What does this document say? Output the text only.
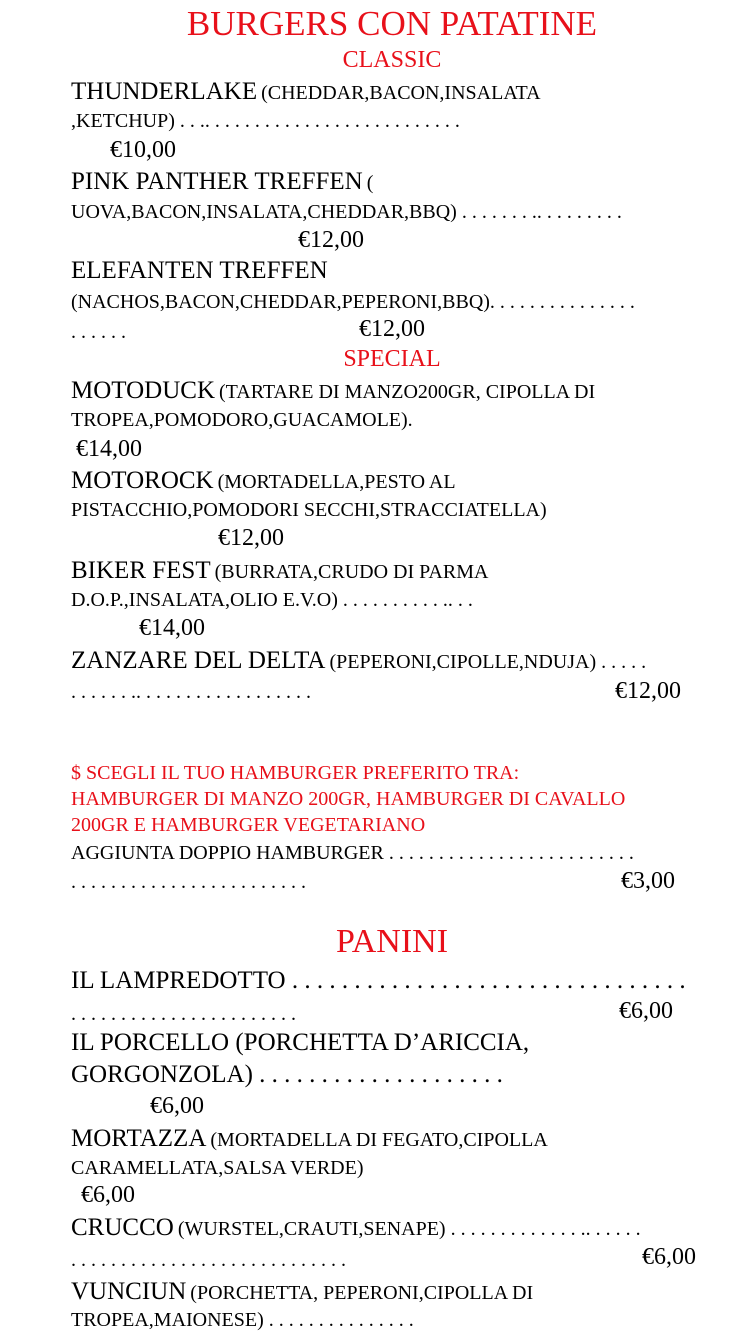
BURGERS CON PATATINE
CLASSIC
THUNDERLAKE (CHEDDAR,BACON,INSALATA
,KETCHUP) . . .. . . . . . . . . . . . . . . . . . . . . . . . . .
€10,00
PINK PANTHER TREFFEN (
UOVA,BACON,INSALATA,CHEDDAR,BBQ) . . . . . . . .. . . . . . . . .
€12,00
ELEFANTEN TREFFEN
(NACHOS,BACON,CHEDDAR,PEPERONI,BBQ). . . . . . . . . . . . . . .
. . . . . .	€12,00
SPECIAL
MOTODUCK (TARTARE DI MANZO200GR, CIPOLLA DI
TROPEA,POMODORO,GUACAMOLE).
€14,00
MOTOROCK (MORTADELLA,PESTO AL
PISTACCHIO,POMODORI SECCHI,STRACCIATELLA)
€12,00
BIKER FEST (BURRATA,CRUDO DI PARMA
D.O.P.,INSALATA,OLIO E.V.O) . . . . . . . . . . .. . .
€14,00
ZANZARE DEL DELTA (PEPERONI,CIPOLLE,NDUJA) . . . . .
. . . . . . .. . . . . . . . . . . . . . . . . .	€12,00
$ SCEGLI IL TUO HAMBURGER PREFERITO TRA:
HAMBURGER DI MANZO 200GR, HAMBURGER DI CAVALLO
200GR E HAMBURGER VEGETARIANO
AGGIUNTA DOPPIO HAMBURGER . . . . . . . . . . . . . . . . . . . . . . . . .
. . . . . . . . . . . . . . . . . . . . . . . .	€3,00
PANINI
IL LAMPREDOTTO . . . . . . . . . . . . . . . . . . . . . . . . . . . . . . . .
. . . . . . . . . . . . . . . . . . . . . . .	€6,00
IL PORCELLO (PORCHETTA D’ARICCIA,
GORGONZOLA) . . . . . . . . . . . . . . . . . . . .
€6,00
MORTAZZA (MORTADELLA DI FEGATO,CIPOLLA
CARAMELLATA,SALSA VERDE)
€6,00
CRUCCO (WURSTEL,CRAUTI,SENAPE) . . . . . . . . . . . . . .. . . . . .
. . . . . . . . . . . . . . . . . . . . . . . . . . . .	€6,00
VUNCIUN (PORCHETTA, PEPERONI,CIPOLLA DI
TROPEA,MAIONESE) . . . . . . . . . . . . . . .
